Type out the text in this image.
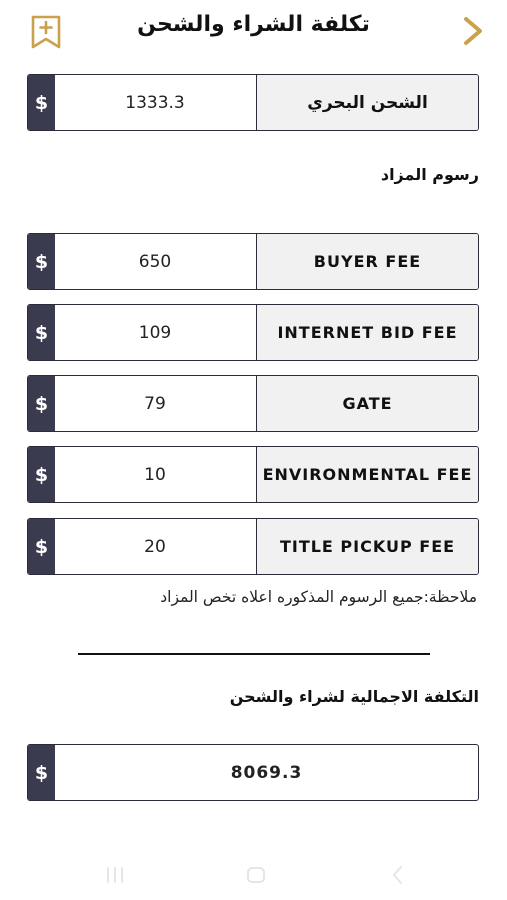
تكلفة الشراء والشحن
$	1333.3	الشحن البحري
رسوم المزاد
$	650	BUYER FEE
$	109	INTERNET BID FEE
$	79	GATE
$	10	ENVIRONMENTAL FEE
$	20	TITLE PICKUP FEE
ملاحظة:جميع الرسوم المذكوره اعلاه تخص المزاد
التكلفة الاجمالية لشراء والشحن
$	8069.3
